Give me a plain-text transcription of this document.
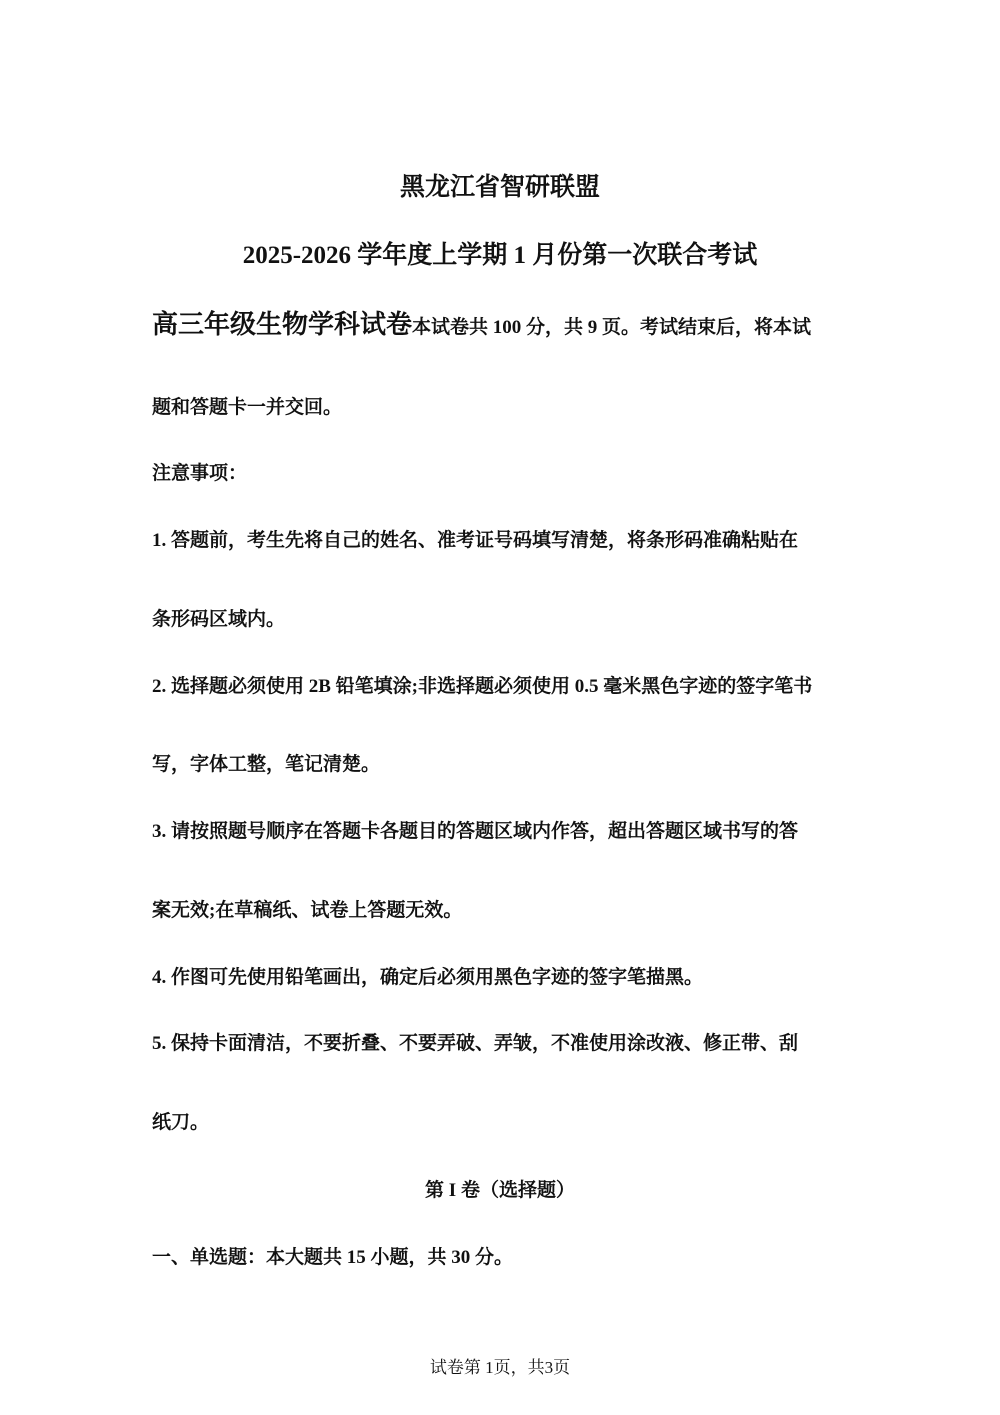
黑龙江省智研联盟
2025-2026 学年度上学期 1 月份第一次联合考试
高三年级生物学科试卷本试卷共 100 分，共 9 页。考试结束后，将本试
题和答题卡一并交回。
注意事项：
1. 答题前，考生先将自己的姓名、准考证号码填写清楚，将条形码准确粘贴在
条形码区域内。
2. 选择题必须使用 2B 铅笔填涂;非选择题必须使用 0.5 毫米黑色字迹的签字笔书
写，字体工整，笔记清楚。
3. 请按照题号顺序在答题卡各题目的答题区域内作答，超出答题区域书写的答
案无效;在草稿纸、试卷上答题无效。
4. 作图可先使用铅笔画出，确定后必须用黑色字迹的签字笔描黑。
5. 保持卡面清洁，不要折叠、不要弄破、弄皱，不准使用涂改液、修正带、刮
纸刀。
第 I 卷（选择题）
一、单选题：本大题共 15 小题，共 30 分。
试卷第 1页，共3页
